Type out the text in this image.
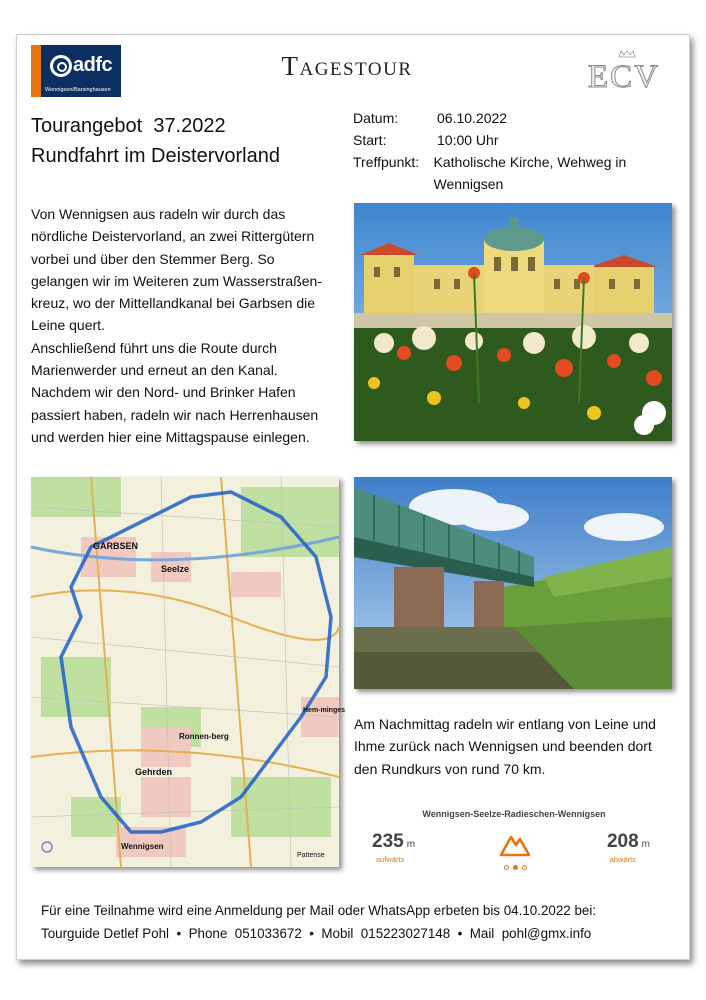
adfc
Wennigsen/Barsinghausen
Tagestour	ECV
Tourangebot  37.2022
Rundfahrt im Deistervorland
Datum:	06.10.2022
Start:	10:00 Uhr
Treffpunkt:	Katholische Kirche, Wehweg in Wennigsen

Von Wennigsen aus radeln wir durch das nördliche Deistervorland, an zwei Rittergütern vorbei und über den Stemmer Berg. So gelangen wir im Weiteren zum Wasserstraßen-kreuz, wo der Mittellandkanal bei Garbsen die Leine quert.

Anschließend führt uns die Route durch Marienwerder und erneut an den Kanal. Nachdem wir den Nord- und Brinker Hafen passiert haben, radeln wir nach Herrenhausen und werden hier eine Mittagspause einlegen.

GARBSEN
Seelze
Ronnen-berg
Gehrden
Wennigsen
Hem-minges
Pattense
Am Nachmittag radeln wir entlang von Leine und Ihme zurück nach Wennigsen und beenden dort den Rundkurs von rund 70 km.
Wennigsen-Seelze-Radieschen-Wennigsen
235 m
aufwärts
208 m
abwärts
Für eine Teilnahme wird eine Anmeldung per Mail oder WhatsApp erbeten bis 04.10.2022 bei:
Tourguide Detlef Pohl  •  Phone  051033672  •  Mobil  015223027148  •  Mail  pohl@gmx.info
